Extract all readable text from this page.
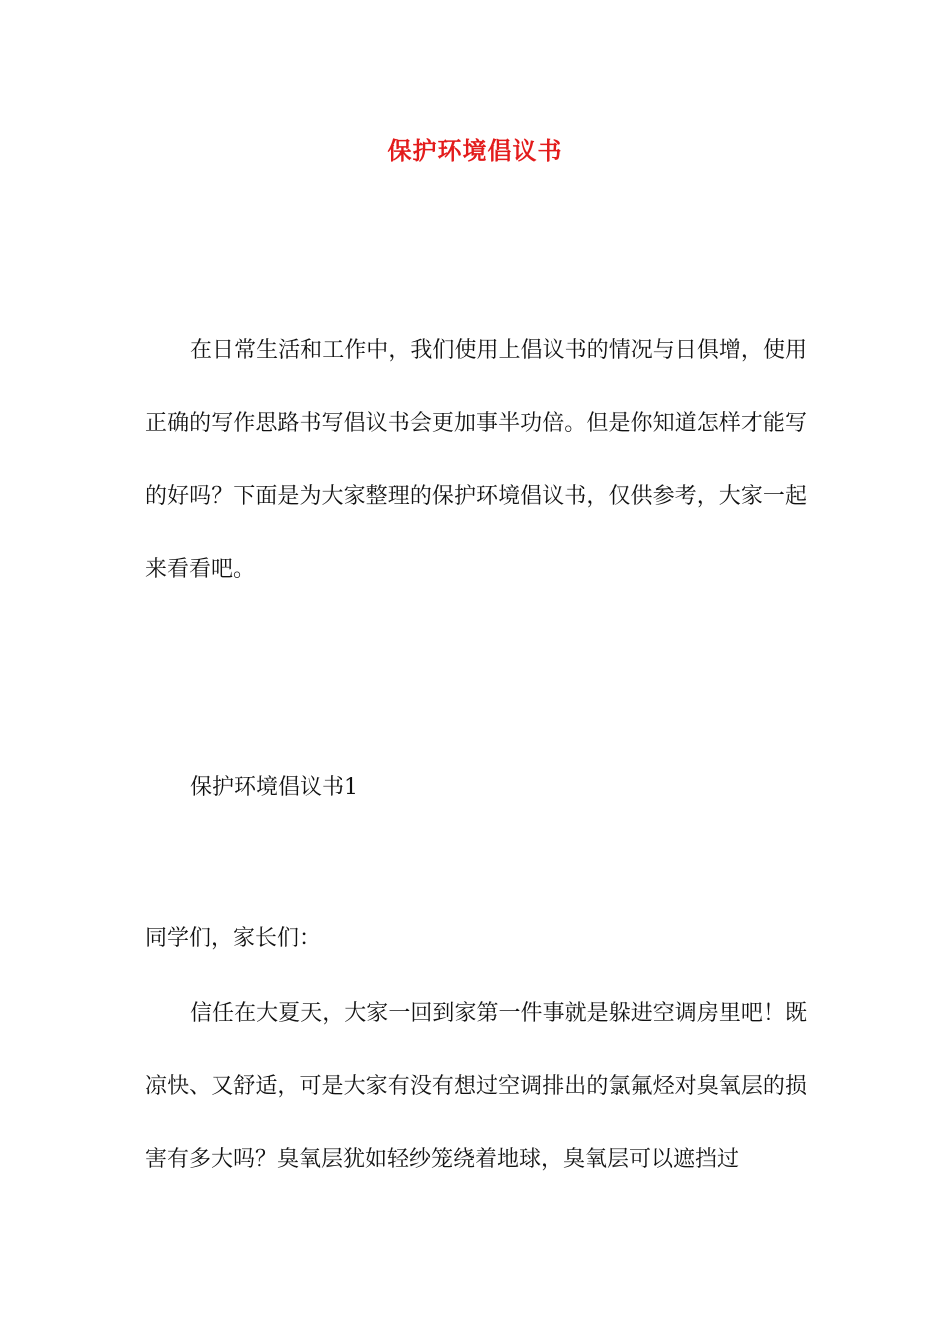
保护环境倡议书

在日常生活和工作中，我们使用上倡议书的情况与日俱增，使用正确的写作思路书写倡议书会更加事半功倍。但是你知道怎样才能写的好吗？下面是为大家整理的保护环境倡议书，仅供参考，大家一起来看看吧。

保护环境倡议书1
同学们，家长们：

信任在大夏天，大家一回到家第一件事就是躲进空调房里吧！既凉快、又舒适，可是大家有没有想过空调排出的氯氟烃对臭氧层的损害有多大吗？臭氧层犹如轻纱笼绕着地球，臭氧层可以遮挡过
